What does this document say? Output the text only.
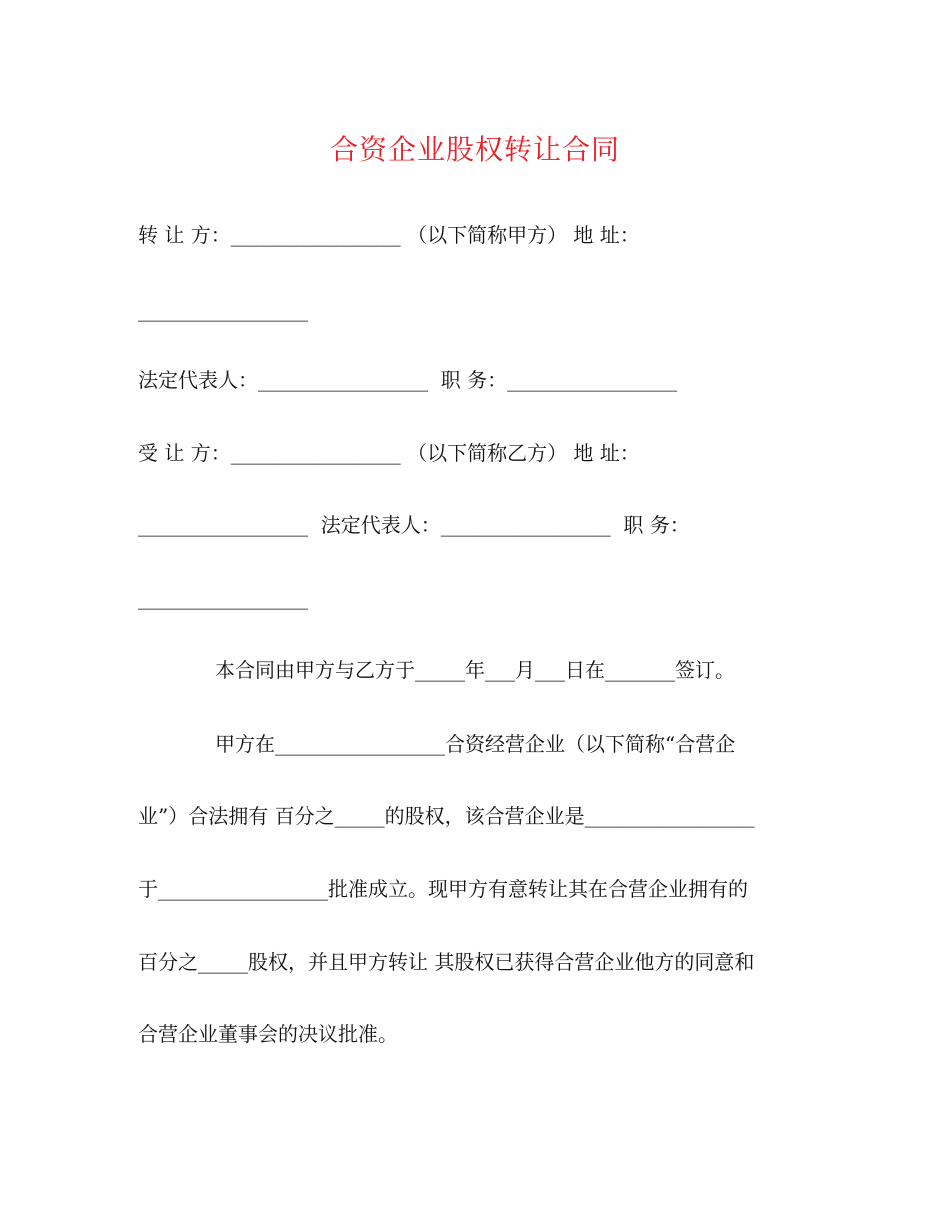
合资企业股权转让合同
转 让 方：_________________ （以下简称甲方） 地 址：
_________________
法定代表人：_________________  职 务：_________________
受 让 方：_________________ （以下简称乙方） 地 址：
_________________  法定代表人：_________________  职 务：
_________________
本合同由甲方与乙方于_____年___月___日在_______签订。
甲方在_________________合资经营企业（以下简称“合营企
业”）合法拥有 百分之_____的股权，该合营企业是_________________
于_________________批准成立。现甲方有意转让其在合营企业拥有的
百分之_____股权，并且甲方转让 其股权已获得合营企业他方的同意和
合营企业董事会的决议批准。
